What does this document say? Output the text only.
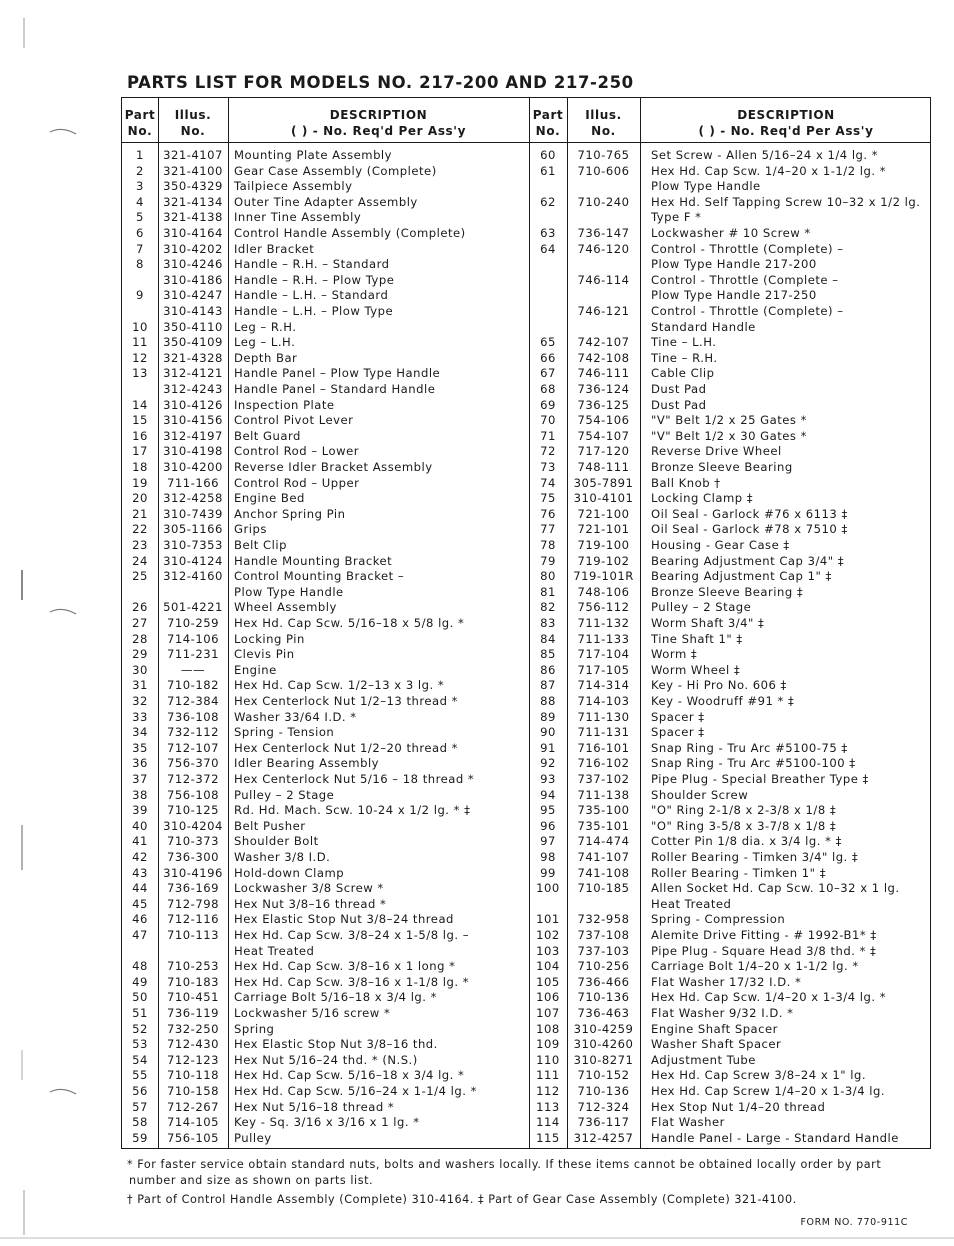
PARTS LIST FOR MODELS NO. 217-200 AND 217-250
Part
No.
Illus.
No.
DESCRIPTION
( ) - No. Req'd Per Ass'y
Part
No.
Illus.
No.
DESCRIPTION
( ) - No. Req'd Per Ass'y
1	321-4107 Mounting Plate Assembly
2	321-4100 Gear Case Assembly (Complete)
3	350-4329 Tailpiece Assembly
4	321-4134 Outer Tine Adapter Assembly
5	321-4138 Inner Tine Assembly
6	310-4164 Control Handle Assembly (Complete)
7	310-4202 Idler Bracket
8	310-4246 Handle – R.H. – Standard
310-4186 Handle – R.H. – Plow Type
9	310-4247 Handle – L.H. – Standard
310-4143 Handle – L.H. – Plow Type
10	350-4110 Leg – R.H.
11	350-4109 Leg – L.H.
12	321-4328 Depth Bar
13	312-4121 Handle Panel – Plow Type Handle
312-4243 Handle Panel – Standard Handle
14	310-4126 Inspection Plate
15	310-4156 Control Pivot Lever
16	312-4197 Belt Guard
17	310-4198 Control Rod – Lower
18	310-4200 Reverse Idler Bracket Assembly
19	711-166	Control Rod – Upper
20	312-4258 Engine Bed
21	310-7439 Anchor Spring Pin
22	305-1166 Grips
23	310-7353 Belt Clip
24	310-4124 Handle Mounting Bracket
25	312-4160 Control Mounting Bracket –
Plow Type Handle
26	501-4221 Wheel Assembly
27	710-259	Hex Hd. Cap Scw. 5/16–18 x 5/8 lg. *
28	714-106	Locking Pin
29	711-231	Clevis Pin
30	——	Engine
31	710-182	Hex Hd. Cap Scw. 1/2–13 x 3 lg. *
32	712-384	Hex Centerlock Nut 1/2–13 thread *
33	736-108	Washer 33/64 I.D. *
34	732-112	Spring - Tension
35	712-107	Hex Centerlock Nut 1/2–20 thread *
36	756-370	Idler Bearing Assembly
37	712-372	Hex Centerlock Nut 5/16 – 18 thread *
38	756-108	Pulley – 2 Stage
39	710-125	Rd. Hd. Mach. Scw. 10-24 x 1/2 lg. * ‡
40	310-4204 Belt Pusher
41	710-373	Shoulder Bolt
42	736-300	Washer 3/8 I.D.
43	310-4196 Hold-down Clamp
44	736-169	Lockwasher 3/8 Screw *
45	712-798	Hex Nut 3/8–16 thread *
46	712-116	Hex Elastic Stop Nut 3/8–24 thread
47	710-113	Hex Hd. Cap Scw. 3/8–24 x 1-5/8 lg. –
Heat Treated
48	710-253	Hex Hd. Cap Scw. 3/8–16 x 1 long *
49	710-183	Hex Hd. Cap Scw. 3/8–16 x 1-1/8 lg. *
50	710-451	Carriage Bolt 5/16–18 x 3/4 lg. *
51	736-119	Lockwasher 5/16 screw *
52	732-250	Spring
53	712-430	Hex Elastic Stop Nut 3/8–16 thd.
54	712-123	Hex Nut 5/16–24 thd. * (N.S.)
55	710-118	Hex Hd. Cap Scw. 5/16–18 x 3/4 lg. *
56	710-158	Hex Hd. Cap Scw. 5/16–24 x 1-1/4 lg. *
57	712-267	Hex Nut 5/16–18 thread *
58	714-105	Key - Sq. 3/16 x 3/16 x 1 lg. *
59	756-105	Pulley
60	710-765	Set Screw - Allen 5/16–24 x 1/4 lg. *
61	710-606	Hex Hd. Cap Scw. 1/4–20 x 1-1/2 lg. *
Plow Type Handle
62	710-240	Hex Hd. Self Tapping Screw 10–32 x 1/2 lg.
Type F *
63	736-147	Lockwasher # 10 Screw *
64	746-120	Control - Throttle (Complete) –
Plow Type Handle 217-200
746-114	Control - Throttle (Complete –
Plow Type Handle 217-250
746-121	Control - Throttle (Complete) –
Standard Handle
65	742-107	Tine – L.H.
66	742-108	Tine – R.H.
67	746-111	Cable Clip
68	736-124	Dust Pad
69	736-125	Dust Pad
70	754-106	"V" Belt 1/2 x 25 Gates *
71	754-107	"V" Belt 1/2 x 30 Gates *
72	717-120	Reverse Drive Wheel
73	748-111	Bronze Sleeve Bearing
74	305-7891	Ball Knob †
75	310-4101	Locking Clamp ‡
76	721-100	Oil Seal - Garlock #76 x 6113 ‡
77	721-101	Oil Seal - Garlock #78 x 7510 ‡
78	719-100	Housing - Gear Case ‡
79	719-102	Bearing Adjustment Cap 3/4" ‡
80	719-101R	Bearing Adjustment Cap 1" ‡
81	748-106	Bronze Sleeve Bearing ‡
82	756-112	Pulley – 2 Stage
83	711-132	Worm Shaft 3/4" ‡
84	711-133	Tine Shaft 1" ‡
85	717-104	Worm ‡
86	717-105	Worm Wheel ‡
87	714-314	Key - Hi Pro No. 606 ‡
88	714-103	Key - Woodruff #91 * ‡
89	711-130	Spacer ‡
90	711-131	Spacer ‡
91	716-101	Snap Ring - Tru Arc #5100-75 ‡
92	716-102	Snap Ring - Tru Arc #5100-100 ‡
93	737-102	Pipe Plug - Special Breather Type ‡
94	711-138	Shoulder Screw
95	735-100	"O" Ring 2-1/8 x 2-3/8 x 1/8 ‡
96	735-101	"O" Ring 3-5/8 x 3-7/8 x 1/8 ‡
97	714-474	Cotter Pin 1/8 dia. x 3/4 lg. * ‡
98	741-107	Roller Bearing - Timken 3/4" lg. ‡
99	741-108	Roller Bearing - Timken 1" ‡
100	710-185	Allen Socket Hd. Cap Scw. 10–32 x 1 lg.
Heat Treated
101	732-958	Spring - Compression
102	737-108	Alemite Drive Fitting - # 1992-B1* ‡
103	737-103	Pipe Plug - Square Head 3/8 thd. * ‡
104	710-256	Carriage Bolt 1/4–20 x 1-1/2 lg. *
105	736-466	Flat Washer 17/32 I.D. *
106	710-136	Hex Hd. Cap Scw. 1/4–20 x 1-3/4 lg. *
107	736-463	Flat Washer 9/32 I.D. *
108	310-4259	Engine Shaft Spacer
109	310-4260	Washer Shaft Spacer
110	310-8271	Adjustment Tube
111	710-152	Hex Hd. Cap Screw 3/8–24 x 1" lg.
112	710-136	Hex Hd. Cap Screw 1/4–20 x 1-3/4 lg.
113	712-324	Hex Stop Nut 1/4–20 thread
114	736-117	Flat Washer
115	312-4257	Handle Panel - Large - Standard Handle
* For faster service obtain standard nuts, bolts and washers locally. If these items cannot be obtained locally order by part
number and size as shown on parts list.
† Part of Control Handle Assembly (Complete) 310-4164. ‡ Part of Gear Case Assembly (Complete) 321-4100.
FORM NO. 770-911C
